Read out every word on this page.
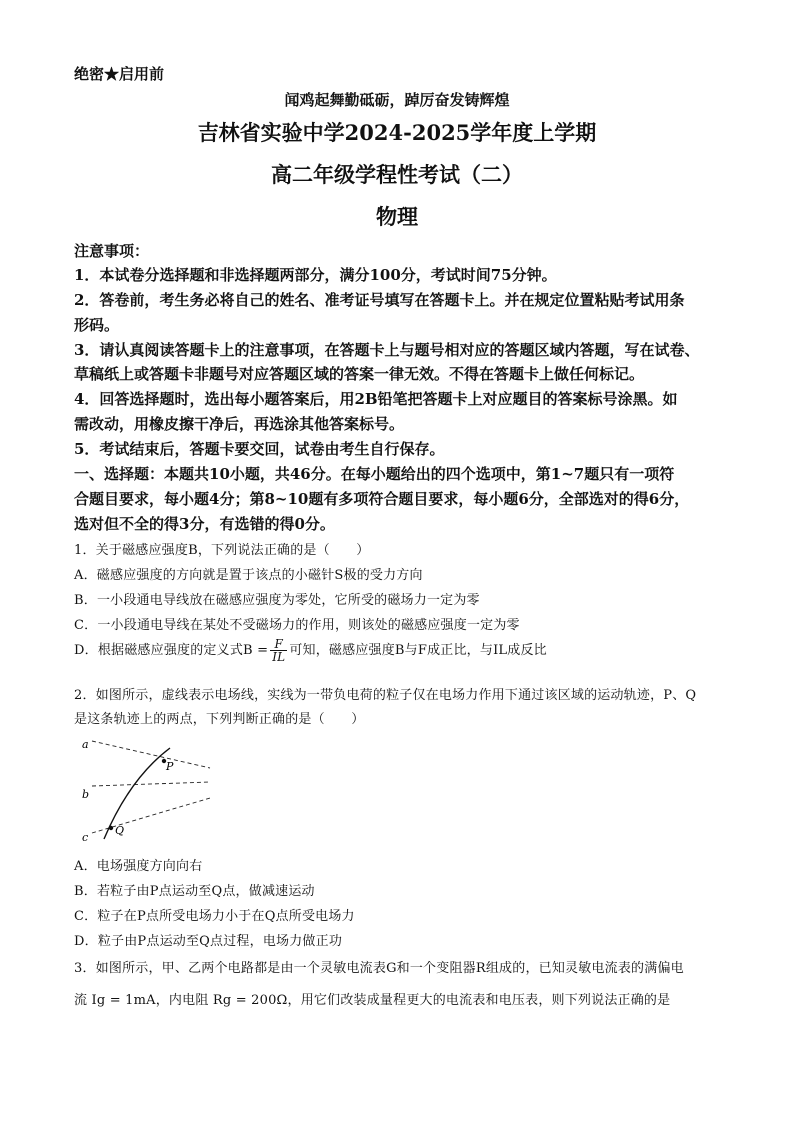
绝密★启用前
闻鸡起舞勤砥砺，踔厉奋发铸辉煌
吉林省实验中学2024-2025学年度上学期
高二年级学程性考试（二）
物理
注意事项：
1．本试卷分选择题和非选择题两部分，满分100分，考试时间75分钟。
2．答卷前，考生务必将自己的姓名、准考证号填写在答题卡上。并在规定位置粘贴考试用条
形码。
3．请认真阅读答题卡上的注意事项，在答题卡上与题号相对应的答题区域内答题，写在试卷、
草稿纸上或答题卡非题号对应答题区域的答案一律无效。不得在答题卡上做任何标记。
4．回答选择题时，选出每小题答案后，用2B铅笔把答题卡上对应题目的答案标号涂黑。如
需改动，用橡皮擦干净后，再选涂其他答案标号。
5．考试结束后，答题卡要交回，试卷由考生自行保存。
一、选择题：本题共10小题，共46分。在每小题给出的四个选项中，第1~7题只有一项符
合题目要求，每小题4分；第8~10题有多项符合题目要求，每小题6分，全部选对的得6分，
选对但不全的得3分，有选错的得0分。
1．关于磁感应强度B，下列说法正确的是（　　）
A．磁感应强度的方向就是置于该点的小磁针S极的受力方向
B．一小段通电导线放在磁感应强度为零处，它所受的磁场力一定为零
C．一小段通电导线在某处不受磁场力的作用，则该处的磁感应强度一定为零
D．根据磁感应强度的定义式$B = \frac{F}{IL}$ 可知，磁感应强度B与F成正比，与IL成反比
2．如图所示，虚线表示电场线，实线为一带负电荷的粒子仅在电场力作用下通过该区域的运动轨迹，P、Q
是这条轨迹上的两点，下列判断正确的是（　　）
a
b
c
P
Q
A．电场强度方向向右
B．若粒子由P点运动至Q点，做减速运动
C．粒子在P点所受电场力小于在Q点所受电场力
D．粒子由P点运动至Q点过程，电场力做正功
3．如图所示，甲、乙两个电路都是由一个灵敏电流表G和一个变阻器R组成的，已知灵敏电流表的满偏电
流 Ig = 1mA，内电阻 Rg = 200Ω，用它们改装成量程更大的电流表和电压表，则下列说法正确的是
